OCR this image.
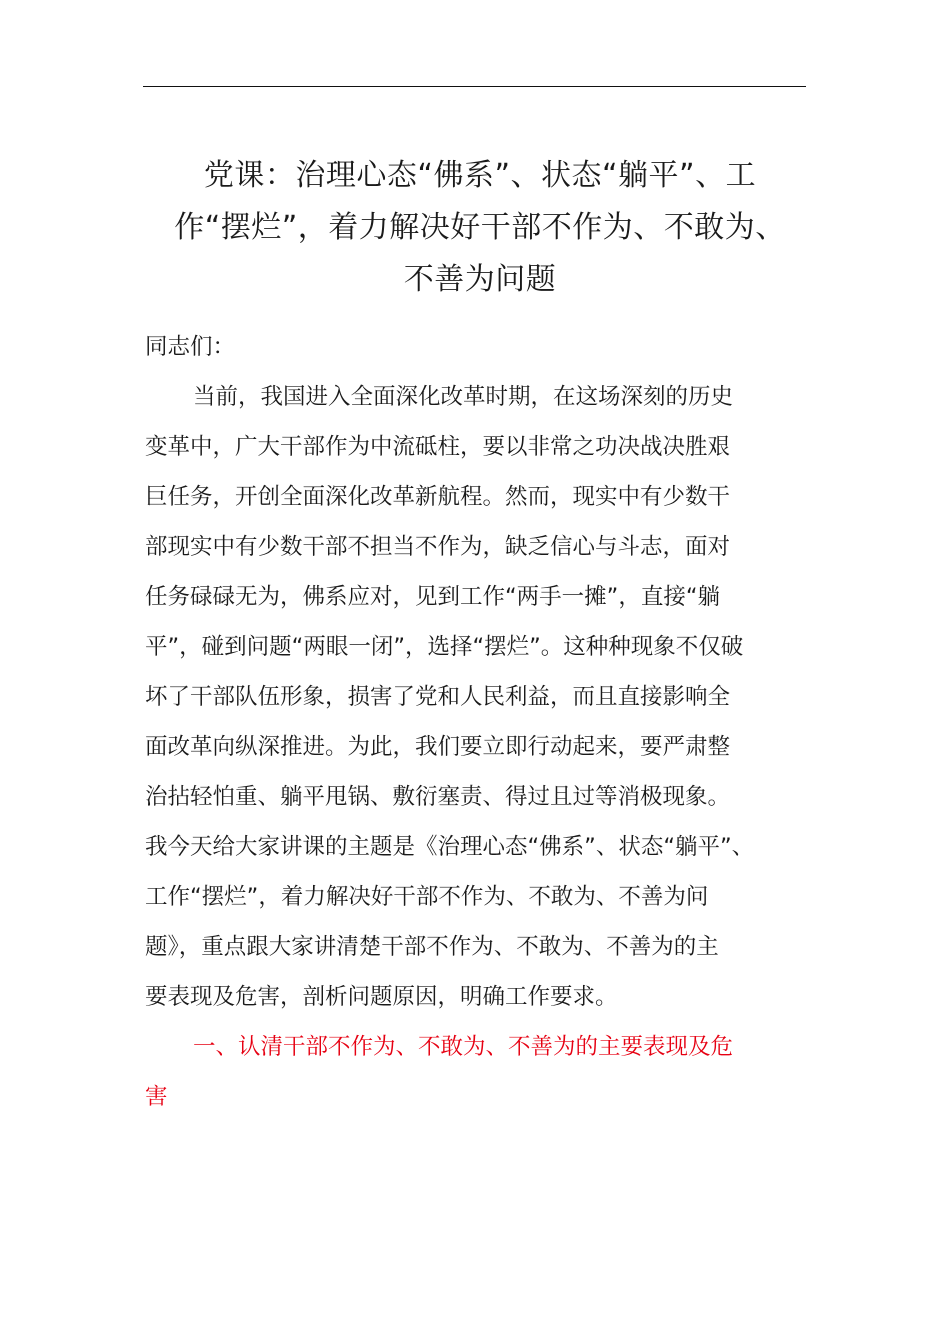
党课：治理心态“佛系”、状态“躺平”、工
作“摆烂”，着力解决好干部不作为、不敢为、
不善为问题
同志们：
当前，我国进入全面深化改革时期，在这场深刻的历史
变革中，广大干部作为中流砥柱，要以非常之功决战决胜艰
巨任务，开创全面深化改革新航程。然而，现实中有少数干
部现实中有少数干部不担当不作为，缺乏信心与斗志，面对
任务碌碌无为，佛系应对，见到工作“两手一摊”，直接“躺
平”，碰到问题“两眼一闭”，选择“摆烂”。这种种现象不仅破
坏了干部队伍形象，损害了党和人民利益，而且直接影响全
面改革向纵深推进。为此，我们要立即行动起来，要严肃整
治拈轻怕重、躺平甩锅、敷衍塞责、得过且过等消极现象。
我今天给大家讲课的主题是《治理心态“佛系”、状态“躺平”、
工作“摆烂”，着力解决好干部不作为、不敢为、不善为问
题》，重点跟大家讲清楚干部不作为、不敢为、不善为的主
要表现及危害，剖析问题原因，明确工作要求。
一、认清干部不作为、不敢为、不善为的主要表现及危
害
